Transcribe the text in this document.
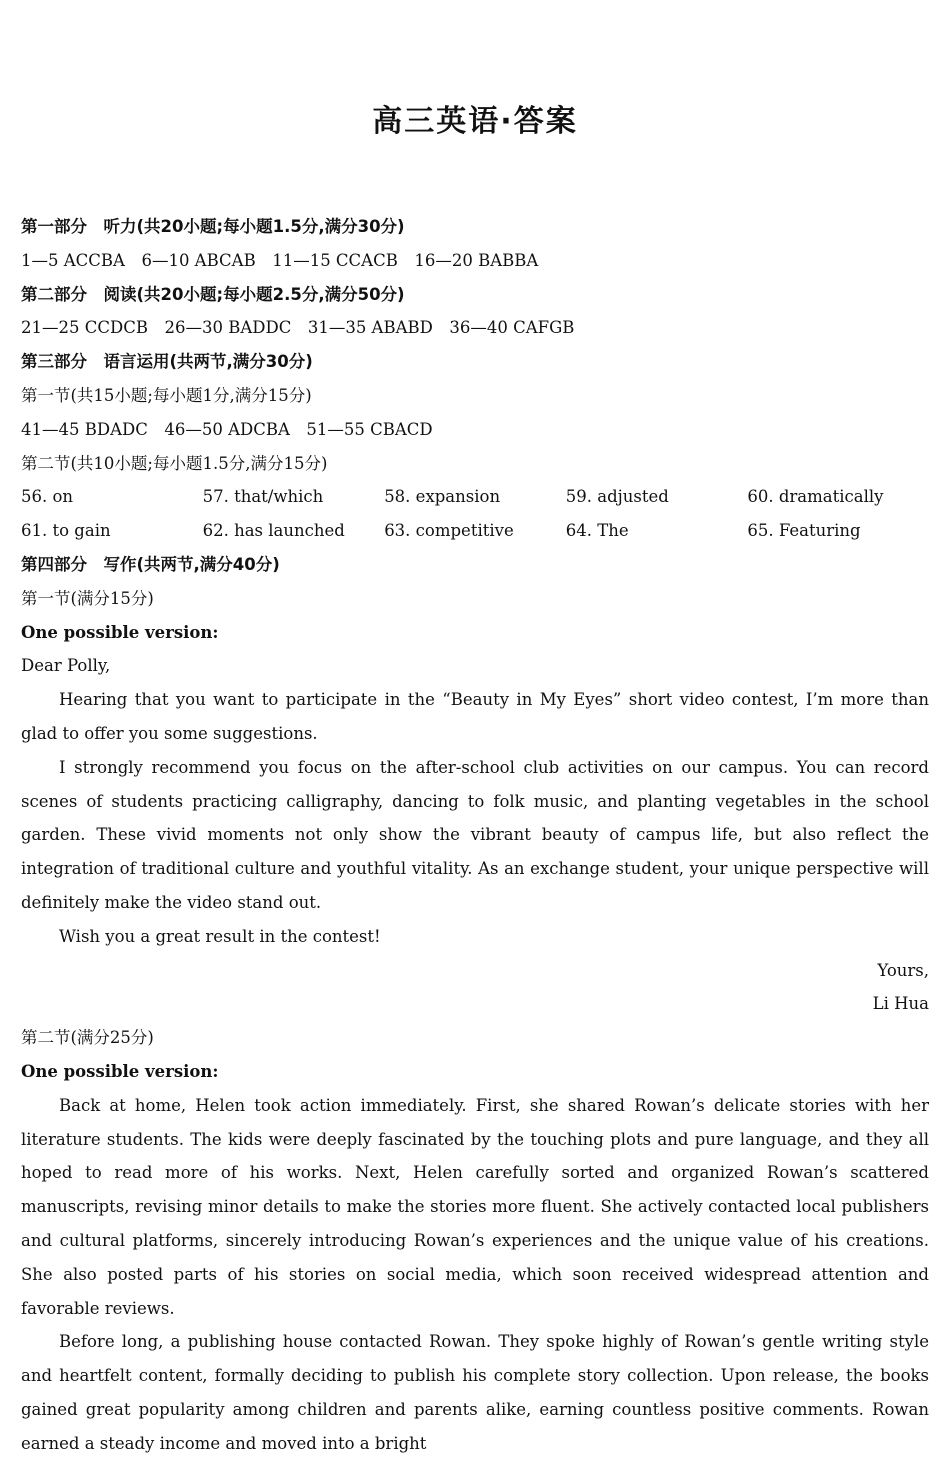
高三英语·答案
第一部分　听力(共20小题;每小题1.5分,满分30分)
1—5 ACCBA　6—10 ABCAB　11—15 CCACB　16—20 BABBA
第二部分　阅读(共20小题;每小题2.5分,满分50分)
21—25 CCDCB　26—30 BADDC　31—35 ABABD　36—40 CAFGB
第三部分　语言运用(共两节,满分30分)
第一节(共15小题;每小题1分,满分15分)
41—45 BDADC　46—50 ADCBA　51—55 CBACD
第二节(共10小题;每小题1.5分,满分15分)
56. on	57. that/which	58. expansion	59. adjusted	60. dramatically
61. to gain	62. has launched	63. competitive	64. The	65. Featuring
第四部分　写作(共两节,满分40分)
第一节(满分15分)
One possible version:
Dear Polly,

Hearing that you want to participate in the “Beauty in My Eyes” short video contest, I’m more than glad to offer you some suggestions.

I strongly recommend you focus on the after-school club activities on our campus. You can record scenes of students practicing calligraphy, dancing to folk music, and planting vegetables in the school garden. These vivid moments not only show the vibrant beauty of campus life, but also reflect the integration of traditional culture and youthful vitality. As an exchange student, your unique perspective will definitely make the video stand out.

Wish you a great result in the contest!

Yours,
Li Hua
第二节(满分25分)
One possible version:

Back at home, Helen took action immediately. First, she shared Rowan’s delicate stories with her literature students. The kids were deeply fascinated by the touching plots and pure language, and they all hoped to read more of his works. Next, Helen carefully sorted and organized Rowan’s scattered manuscripts, revising minor details to make the stories more fluent. She actively contacted local publishers and cultural platforms, sincerely introducing Rowan’s experiences and the unique value of his creations. She also posted parts of his stories on social media, which soon received widespread attention and favorable reviews.

Before long, a publishing house contacted Rowan. They spoke highly of Rowan’s gentle writing style and heartfelt content, formally deciding to publish his complete story collection. Upon release, the books gained great popularity among children and parents alike, earning countless positive comments. Rowan earned a steady income and moved into a bright
